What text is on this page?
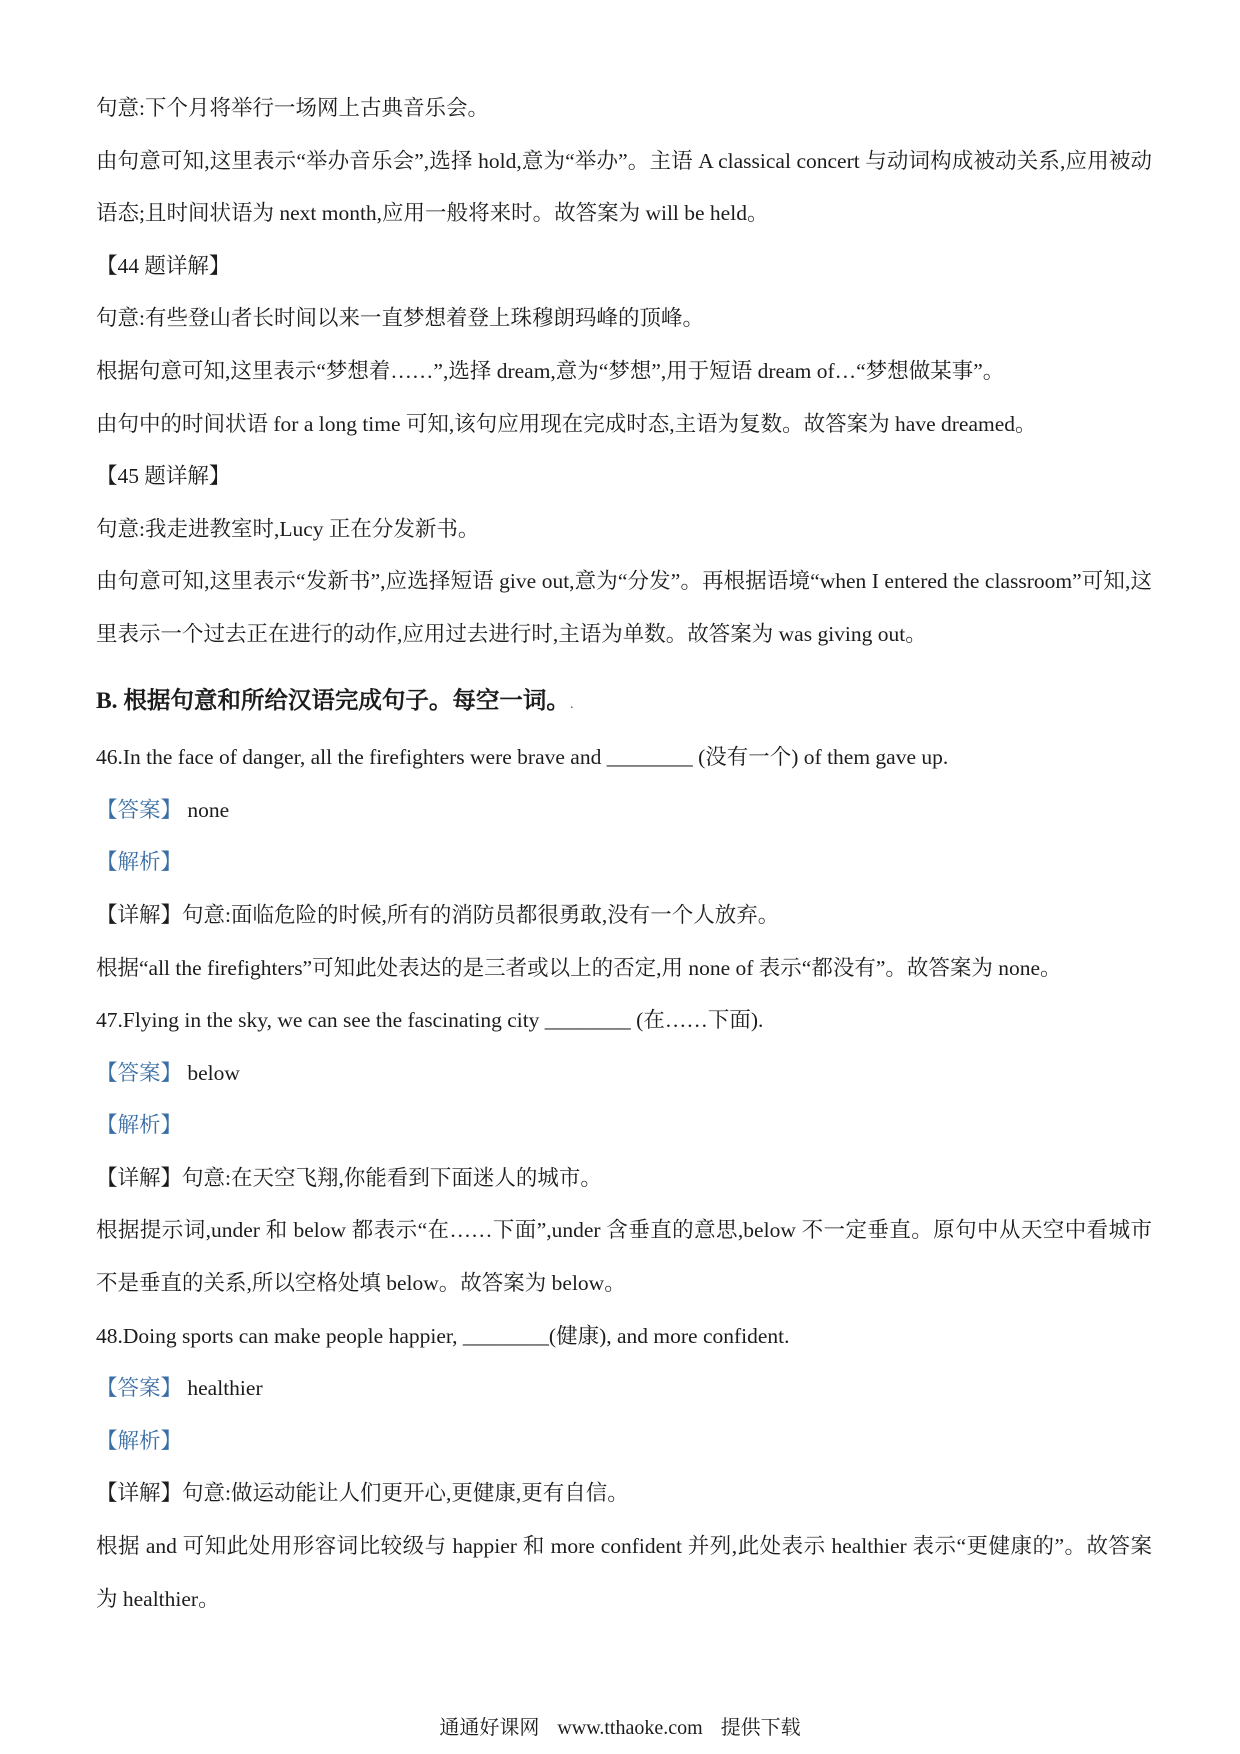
句意:下个月将举行一场网上古典音乐会。

由句意可知,这里表示“举办音乐会”,选择 hold,意为“举办”。主语 A classical concert 与动词构成被动关系,应用被动语态;且时间状语为 next month,应用一般将来时。故答案为 will be held。

【44 题详解】

句意:有些登山者长时间以来一直梦想着登上珠穆朗玛峰的顶峰。

根据句意可知,这里表示“梦想着……”,选择 dream,意为“梦想”,用于短语 dream of…“梦想做某事”。

由句中的时间状语 for a long time 可知,该句应用现在完成时态,主语为复数。故答案为 have dreamed。

【45 题详解】

句意:我走进教室时,Lucy 正在分发新书。

由句意可知,这里表示“发新书”,应选择短语 give out,意为“分发”。再根据语境“when I entered the classroom”可知,这里表示一个过去正在进行的动作,应用过去进行时,主语为单数。故答案为 was giving out。

B. 根据句意和所给汉语完成句子。每空一词。.

46.In the face of danger, all the firefighters were brave and ________ (没有一个) of them gave up.

【答案】 none

【解析】

【详解】句意:面临危险的时候,所有的消防员都很勇敢,没有一个人放弃。

根据“all the firefighters”可知此处表达的是三者或以上的否定,用 none of 表示“都没有”。故答案为 none。

47.Flying in the sky, we can see the fascinating city ________ (在……下面).

【答案】 below

【解析】

【详解】句意:在天空飞翔,你能看到下面迷人的城市。

根据提示词,under 和 below 都表示“在……下面”,under 含垂直的意思,below 不一定垂直。原句中从天空中看城市不是垂直的关系,所以空格处填 below。故答案为 below。

48.Doing sports can make people happier, ________(健康), and more confident.

【答案】 healthier

【解析】

【详解】句意:做运动能让人们更开心,更健康,更有自信。

根据 and 可知此处用形容词比较级与 happier 和 more confident 并列,此处表示 healthier 表示“更健康的”。故答案为 healthier。

通通好课网 www.tthaoke.com 提供下载
